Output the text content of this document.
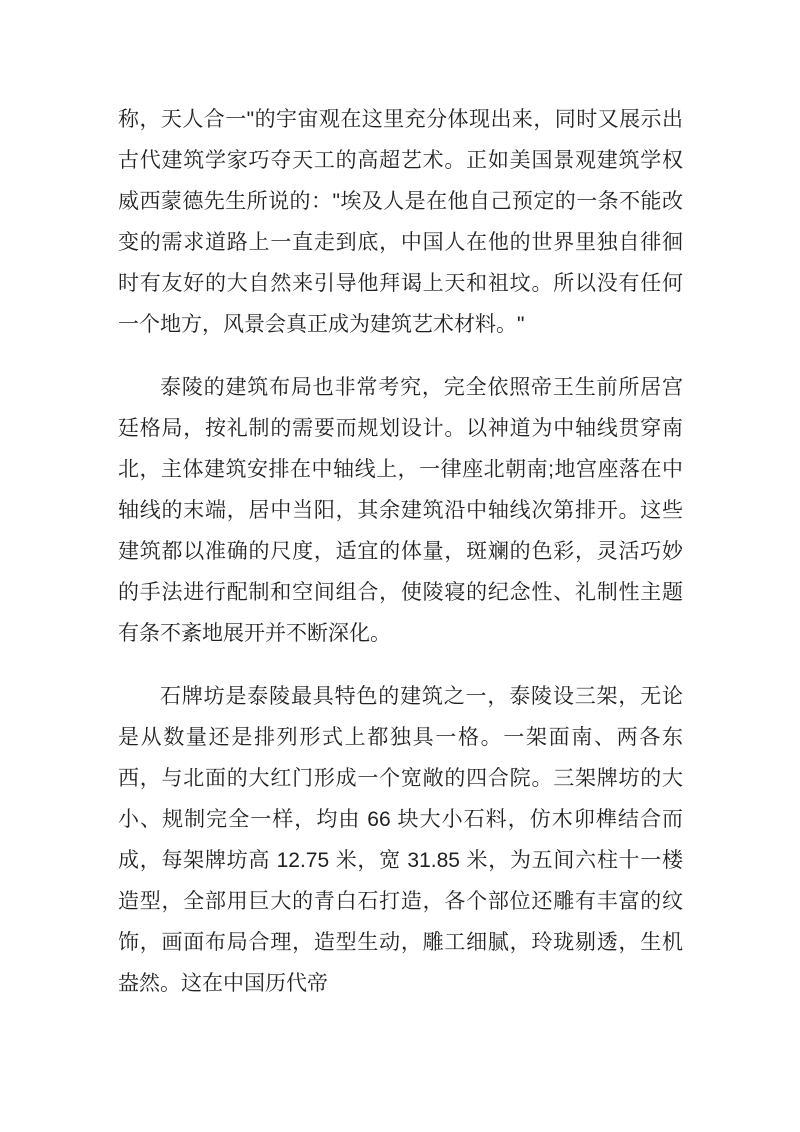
称，天人合一"的宇宙观在这里充分体现出来，同时又展示出古代建筑学家巧夺天工的高超艺术。正如美国景观建筑学权威西蒙德先生所说的："埃及人是在他自己预定的一条不能改变的需求道路上一直走到底，中国人在他的世界里独自徘徊时有友好的大自然来引导他拜谒上天和祖坟。所以没有任何一个地方，风景会真正成为建筑艺术材料。"

泰陵的建筑布局也非常考究，完全依照帝王生前所居宫廷格局，按礼制的需要而规划设计。以神道为中轴线贯穿南北，主体建筑安排在中轴线上，一律座北朝南;地宫座落在中轴线的末端，居中当阳，其余建筑沿中轴线次第排开。这些建筑都以准确的尺度，适宜的体量，斑斓的色彩，灵活巧妙的手法进行配制和空间组合，使陵寝的纪念性、礼制性主题有条不紊地展开并不断深化。

石牌坊是泰陵最具特色的建筑之一，泰陵设三架，无论是从数量还是排列形式上都独具一格。一架面南、两各东西，与北面的大红门形成一个宽敞的四合院。三架牌坊的大小、规制完全一样，均由 66 块大小石料，仿木卯榫结合而成，每架牌坊高 12.75 米，宽 31.85 米，为五间六柱十一楼造型，全部用巨大的青白石打造，各个部位还雕有丰富的纹饰，画面布局合理，造型生动，雕工细腻，玲珑剔透，生机盎然。这在中国历代帝
